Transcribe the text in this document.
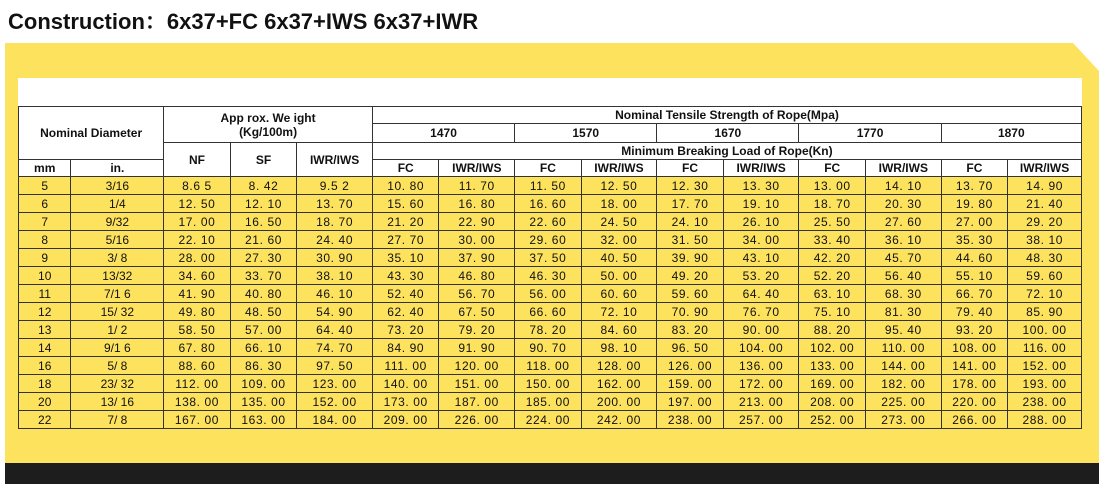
Construction：6x37+FC 6x37+IWS 6x37+IWR
Nominal Diameter		App rox. We ight
(Kg/100m)			Nominal Tensile Strength of Rope(Mpa)									
					1470		1570		1670		1770		1870	
		NF	SF	IWR/IWS	Minimum Breaking Load of Rope(Kn)									
mm	in.				FC	IWR/IWS	FC	IWR/IWS	FC	IWR/IWS	FC	IWR/IWS	FC	IWR/IWS
5	3/16	8.6 5	8. 42	9.5 2	10. 80	11. 70	11. 50	12. 50	12. 30	13. 30	13. 00	14. 10	13. 70	14. 90
6	1/4	12. 50	12. 10	13. 70	15. 60	16. 80	16. 60	18. 00	17. 70	19. 10	18. 70	20. 30	19. 80	21. 40
7	9/32	17. 00	16. 50	18. 70	21. 20	22. 90	22. 60	24. 50	24. 10	26. 10	25. 50	27. 60	27. 00	29. 20
8	5/16	22. 10	21. 60	24. 40	27. 70	30. 00	29. 60	32. 00	31. 50	34. 00	33. 40	36. 10	35. 30	38. 10
9	3/ 8	28. 00	27. 30	30. 90	35. 10	37. 90	37. 50	40. 50	39. 90	43. 10	42. 20	45. 70	44. 60	48. 30
10	13/32	34. 60	33. 70	38. 10	43. 30	46. 80	46. 30	50. 00	49. 20	53. 20	52. 20	56. 40	55. 10	59. 60
11	7/1 6	41. 90	40. 80	46. 10	52. 40	56. 70	56. 00	60. 60	59. 60	64. 40	63. 10	68. 30	66. 70	72. 10
12	15/ 32	49. 80	48. 50	54. 90	62. 40	67. 50	66. 60	72. 10	70. 90	76. 70	75. 10	81. 30	79. 40	85. 90
13	1/ 2	58. 50	57. 00	64. 40	73. 20	79. 20	78. 20	84. 60	83. 20	90. 00	88. 20	95. 40	93. 20	100. 00
14	9/1 6	67. 80	66. 10	74. 70	84. 90	91. 90	90. 70	98. 10	96. 50	104. 00	102. 00	110. 00	108. 00	116. 00
16	5/ 8	88. 60	86. 30	97. 50	111. 00	120. 00	118. 00	128. 00	126. 00	136. 00	133. 00	144. 00	141. 00	152. 00
18	23/ 32	112. 00	109. 00	123. 00	140. 00	151. 00	150. 00	162. 00	159. 00	172. 00	169. 00	182. 00	178. 00	193. 00
20	13/ 16	138. 00	135. 00	152. 00	173. 00	187. 00	185. 00	200. 00	197. 00	213. 00	208. 00	225. 00	220. 00	238. 00
22	7/ 8	167. 00	163. 00	184. 00	209. 00	226. 00	224. 00	242. 00	238. 00	257. 00	252. 00	273. 00	266. 00	288. 00
